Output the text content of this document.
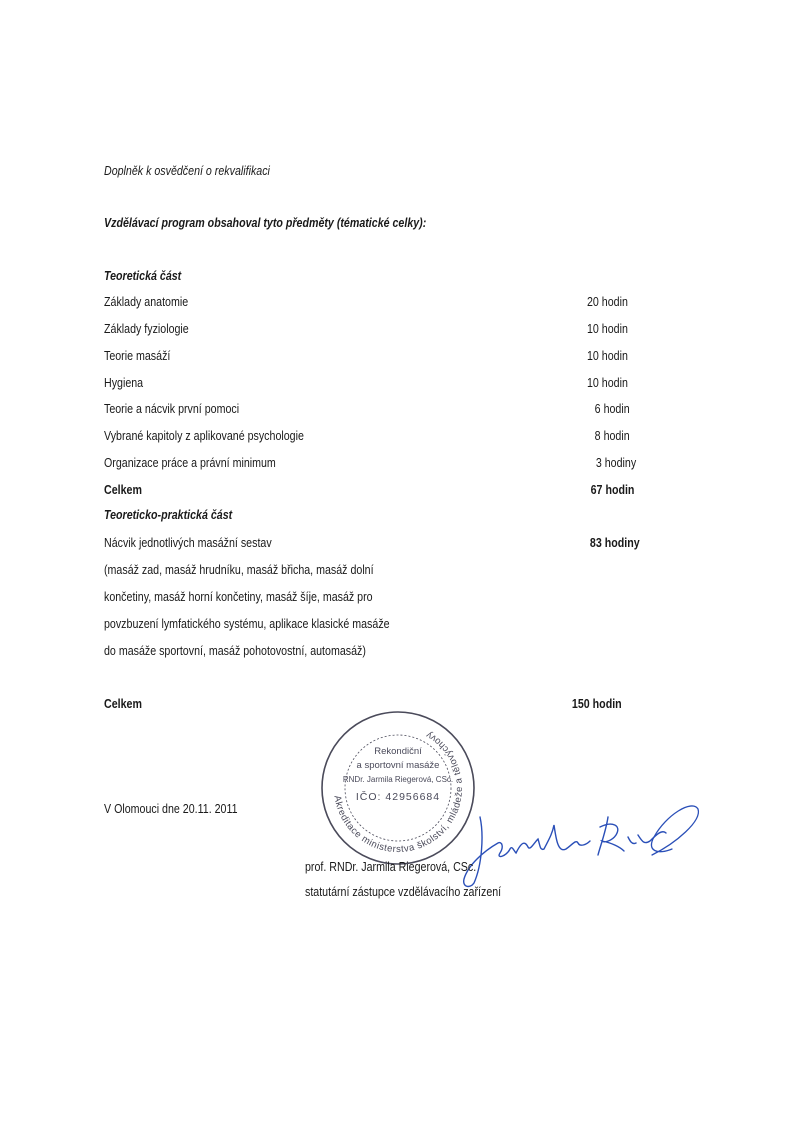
Doplněk k osvědčení o rekvalifikaci
Vzdělávací program obsahoval tyto předměty (tématické celky):
Teoretická část
Základy anatomie	20 hodin
Základy fyziologie	10 hodin
Teorie masáží	10 hodin
Hygiena	10 hodin
Teorie a nácvik první pomoci	6 hodin
Vybrané kapitoly z aplikované psychologie	8 hodin
Organizace práce a právní minimum	3 hodiny
Celkem	67 hodin
Teoreticko-praktická část
Nácvik jednotlivých masážní sestav	83 hodiny
(masáž zad, masáž hrudníku, masáž břicha, masáž dolní
končetiny, masáž horní končetiny, masáž šíje, masáž pro
povzbuzení lymfatického systému, aplikace klasické masáže
do masáže sportovní, masáž pohotovostní, automasáž)
Celkem	150 hodin
V Olomouci dne 20.11. 2011
Akreditace ministerstva školství, mládeže a tělovýchovy
Rekondiční
a sportovní masáže
RNDr. Jarmila Riegerová, CSc.
IČO: 42956684
prof. RNDr. Jarmila Riegerová, CSc.
statutární zástupce vzdělávacího zařízení
